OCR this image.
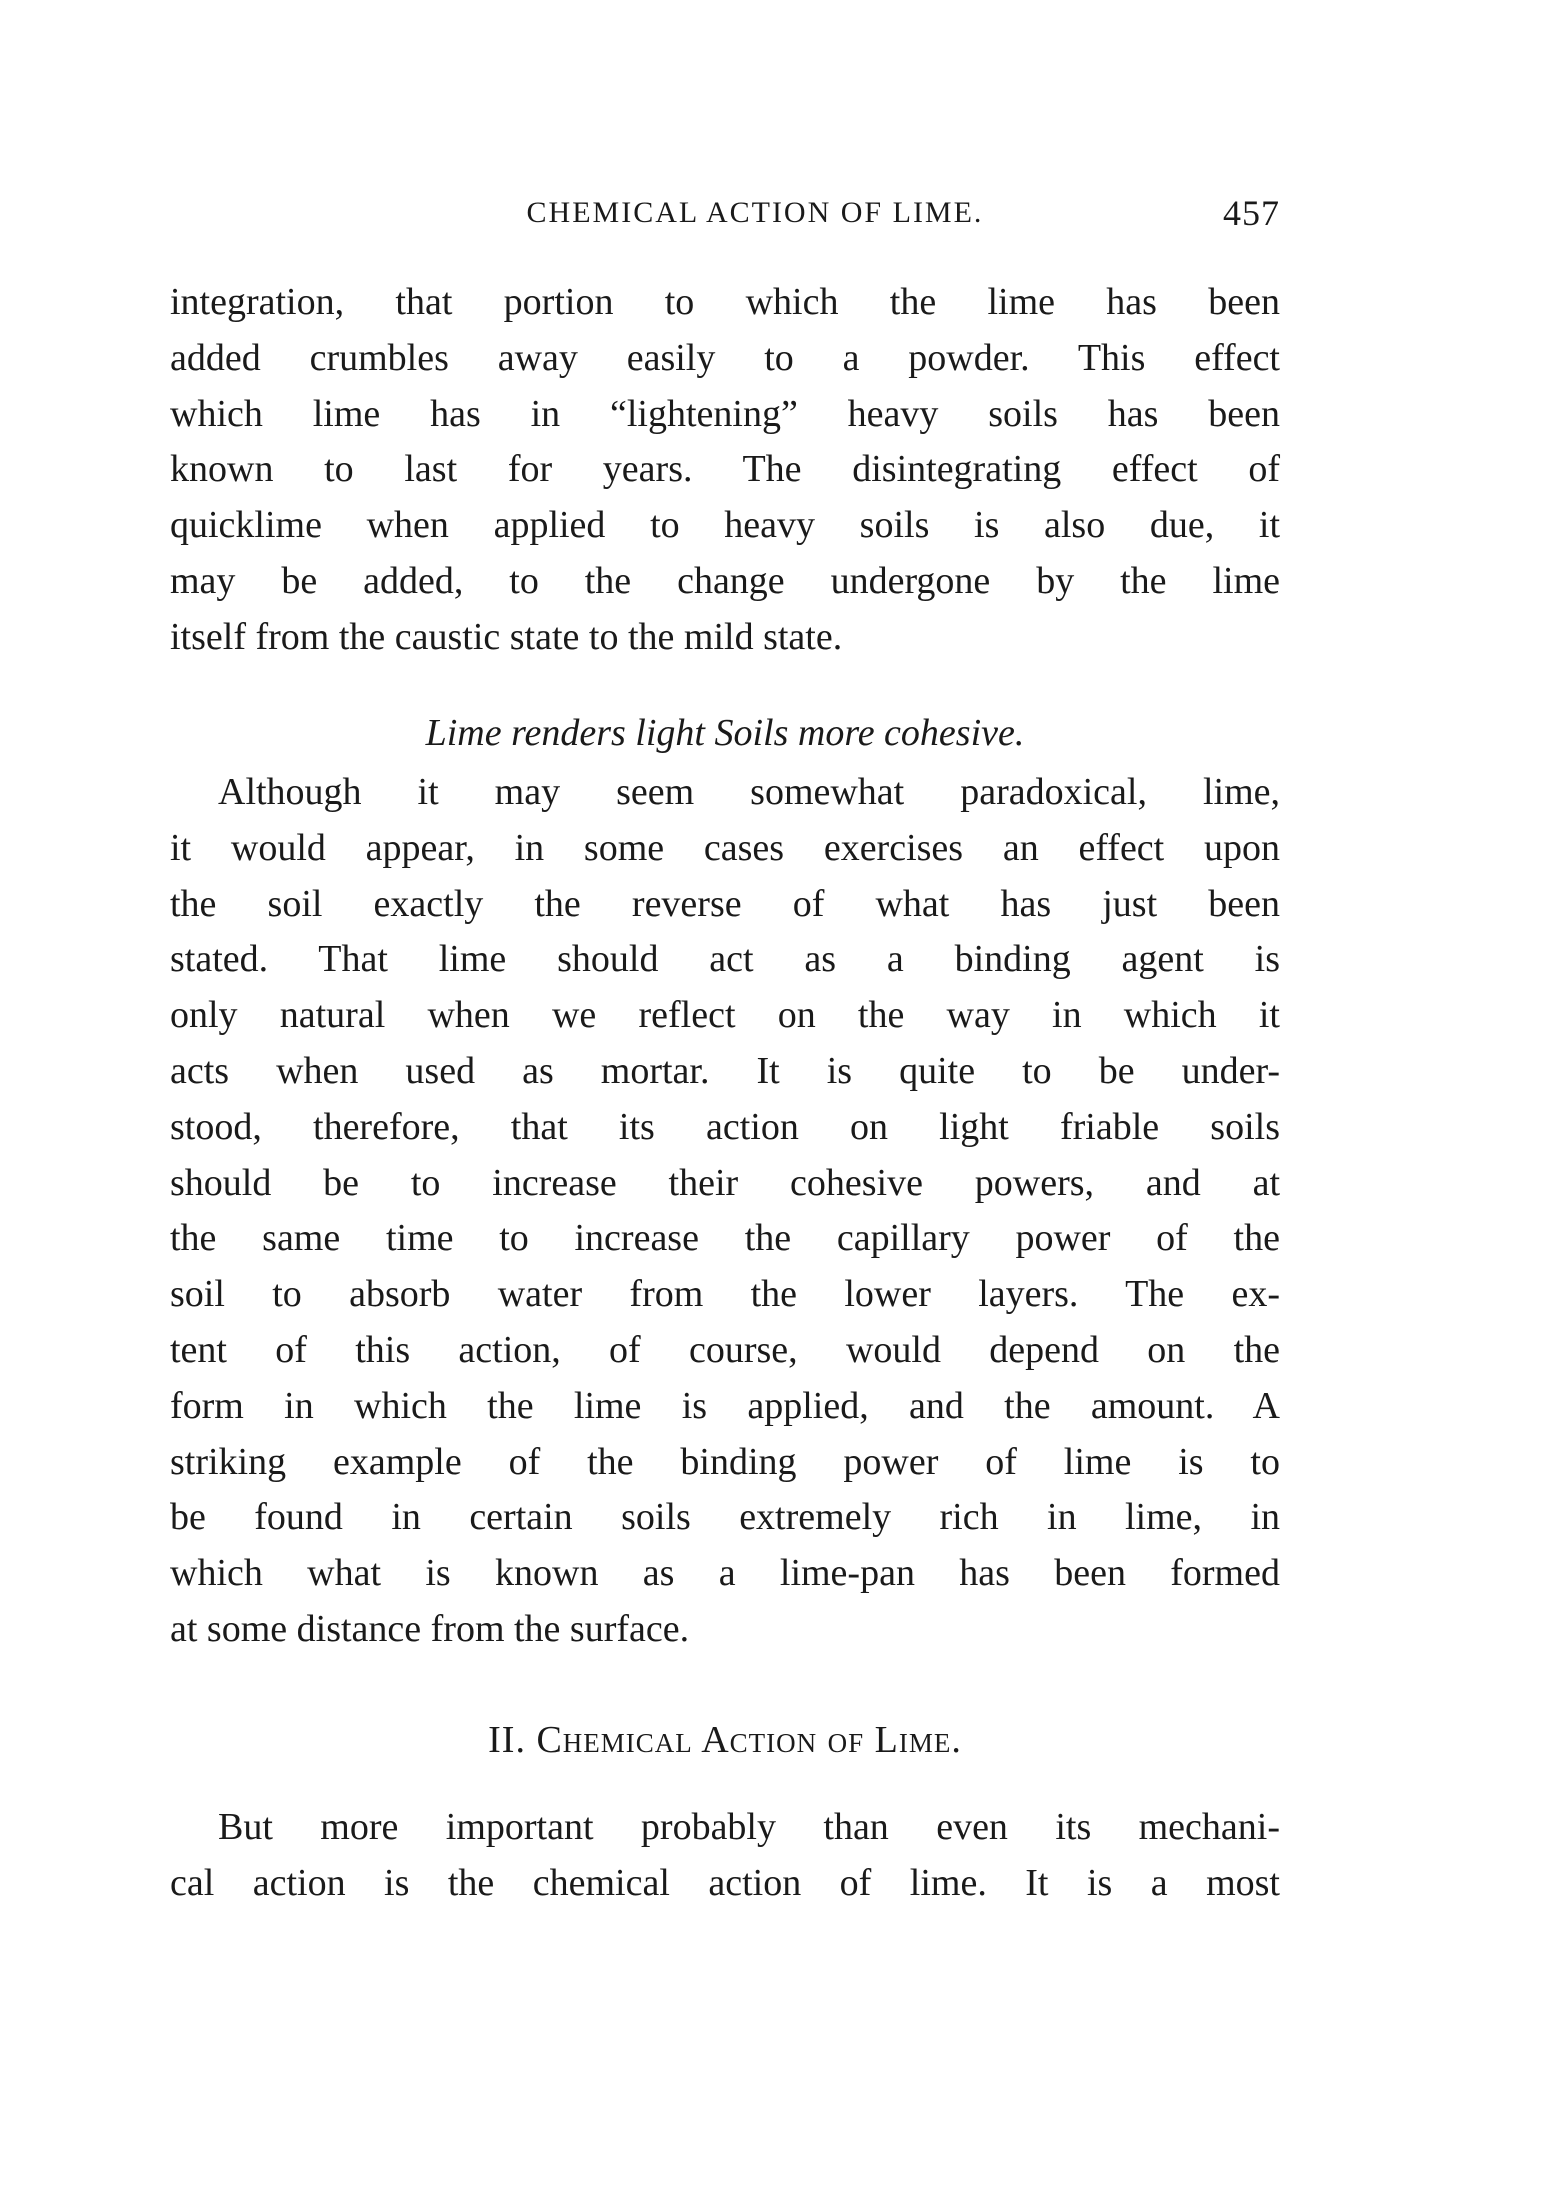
CHEMICAL ACTION OF LIME.	457
integration, that portion to which the lime has been
added crumbles away easily to a powder. This effect
which lime has in “lightening” heavy soils has been
known to last for years. The disintegrating effect of
quicklime when applied to heavy soils is also due, it
may be added, to the change undergone by the lime
itself from the caustic state to the mild state.
Lime renders light Soils more cohesive.
Although it may seem somewhat paradoxical, lime,
it would appear, in some cases exercises an effect upon
the soil exactly the reverse of what has just been
stated. That lime should act as a binding agent is
only natural when we reflect on the way in which it
acts when used as mortar. It is quite to be under-
stood, therefore, that its action on light friable soils
should be to increase their cohesive powers, and at
the same time to increase the capillary power of the
soil to absorb water from the lower layers. The ex-
tent of this action, of course, would depend on the
form in which the lime is applied, and the amount. A
striking example of the binding power of lime is to
be found in certain soils extremely rich in lime, in
which what is known as a lime-pan has been formed
at some distance from the surface.
II. Chemical Action of Lime.
But more important probably than even its mechani-
cal action is the chemical action of lime. It is a most
